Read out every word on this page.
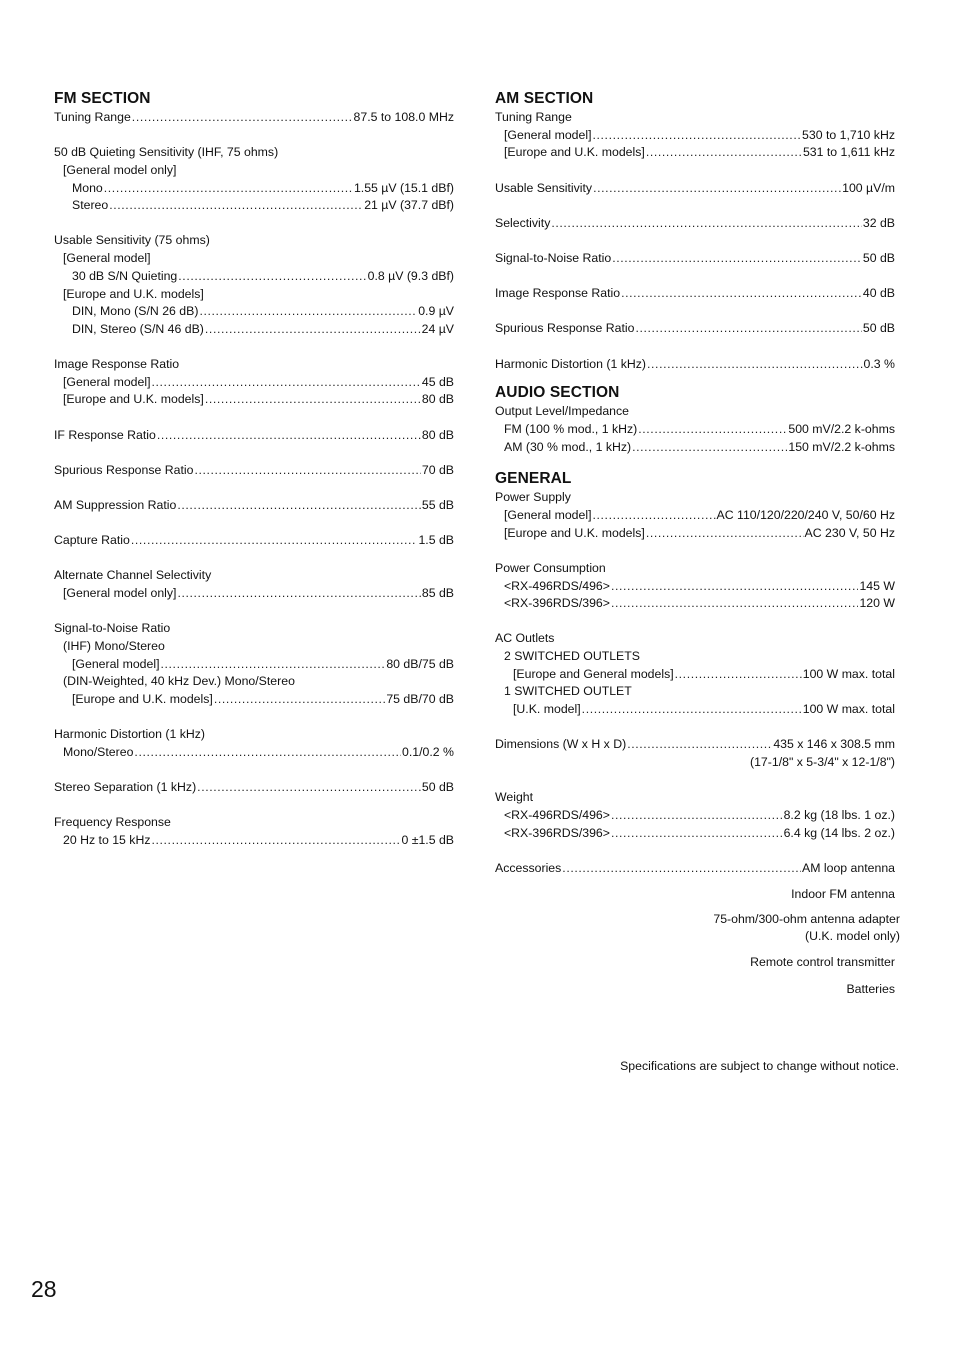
FM SECTION
Tuning Range .....	87.5 to 108.0 MHz
50 dB Quieting Sensitivity (IHF, 75 ohms)
[General model only]
Mono .....	1.55 µV (15.1 dBf)
Stereo .....	21 µV (37.7 dBf)
Usable Sensitivity (75 ohms)
[General model]
30 dB S/N Quieting .....	0.8 µV (9.3 dBf)
[Europe and U.K. models]
DIN, Mono (S/N 26 dB) .....	0.9 µV
DIN, Stereo (S/N 46 dB) .....	24 µV
Image Response Ratio
[General model] .....	45 dB
[Europe and U.K. models] .....	80 dB
IF Response Ratio .....	80 dB
Spurious Response Ratio .....	70 dB
AM Suppression Ratio .....	55 dB
Capture Ratio .....	1.5 dB
Alternate Channel Selectivity
[General model only] .....	85 dB
Signal-to-Noise Ratio
(IHF) Mono/Stereo
[General model] .....	80 dB/75 dB
(DIN-Weighted, 40 kHz Dev.) Mono/Stereo
[Europe and U.K. models] .....	75 dB/70 dB
Harmonic Distortion (1 kHz)
Mono/Stereo .....	0.1/0.2 %
Stereo Separation (1 kHz) .....	50 dB
Frequency Response
20 Hz to 15 kHz .....	0 ±1.5 dB
AM SECTION
Tuning Range
[General model] .....	530 to 1,710 kHz
[Europe and U.K. models] .....	531 to 1,611 kHz
Usable Sensitivity .....	100 µV/m
Selectivity .....	32 dB
Signal-to-Noise Ratio .....	50 dB
Image Response Ratio .....	40 dB
Spurious Response Ratio .....	50 dB
Harmonic Distortion (1 kHz) .....	0.3 %
AUDIO SECTION
Output Level/Impedance
FM (100 % mod., 1 kHz) .....	500 mV/2.2 k-ohms
AM (30 % mod., 1 kHz) .....	150 mV/2.2 k-ohms
GENERAL
Power Supply
[General model] .....	AC 110/120/220/240 V, 50/60 Hz
[Europe and U.K. models] .....	AC 230 V, 50 Hz
Power Consumption
<RX-496RDS/496> .....	145 W
<RX-396RDS/396> .....	120 W
AC Outlets
2 SWITCHED OUTLETS
[Europe and General models] .....	100 W max. total
1 SWITCHED OUTLET
[U.K. model] .....	100 W max. total
Dimensions (W x H x D) .....	435 x 146 x 308.5 mm
(17-1/8" x 5-3/4" x 12-1/8")
Weight
<RX-496RDS/496> .....	8.2 kg (18 lbs. 1 oz.)
<RX-396RDS/396> .....	6.4 kg (14 lbs. 2 oz.)
Accessories .....	AM loop antenna
Indoor FM antenna
75-ohm/300-ohm antenna adapter
(U.K. model only)
Remote control transmitter
Batteries
Specifications are subject to change without notice.
28
